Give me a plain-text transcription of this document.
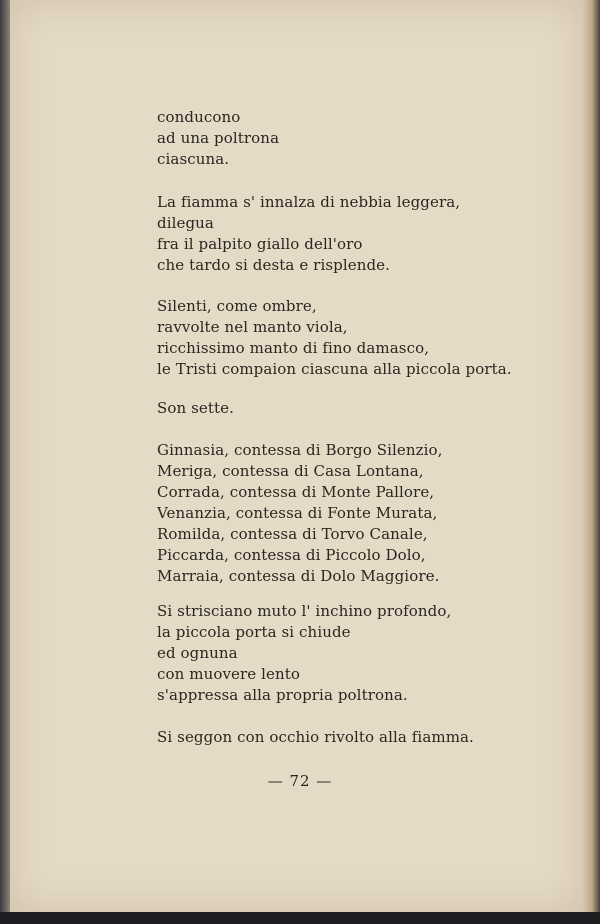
conducono
ad una poltrona
ciascuna.
La fiamma s' innalza di nebbia leggera,
dilegua
fra il palpito giallo dell'oro
che tardo si desta e risplende.
Silenti, come ombre,
ravvolte nel manto viola,
ricchissimo manto di fino damasco,
le Tristi compaion ciascuna alla piccola porta.
Son sette.
Ginnasia, contessa di Borgo Silenzio,
Meriga, contessa di Casa Lontana,
Corrada, contessa di Monte Pallore,
Venanzia, contessa di Fonte Murata,
Romilda, contessa di Torvo Canale,
Piccarda, contessa di Piccolo Dolo,
Marraia, contessa di Dolo Maggiore.
Si strisciano muto l' inchino profondo,
la piccola porta si chiude
ed ognuna
con muovere lento
s'appressa alla propria poltrona.
Si seggon con occhio rivolto alla fiamma.
— 72 —
